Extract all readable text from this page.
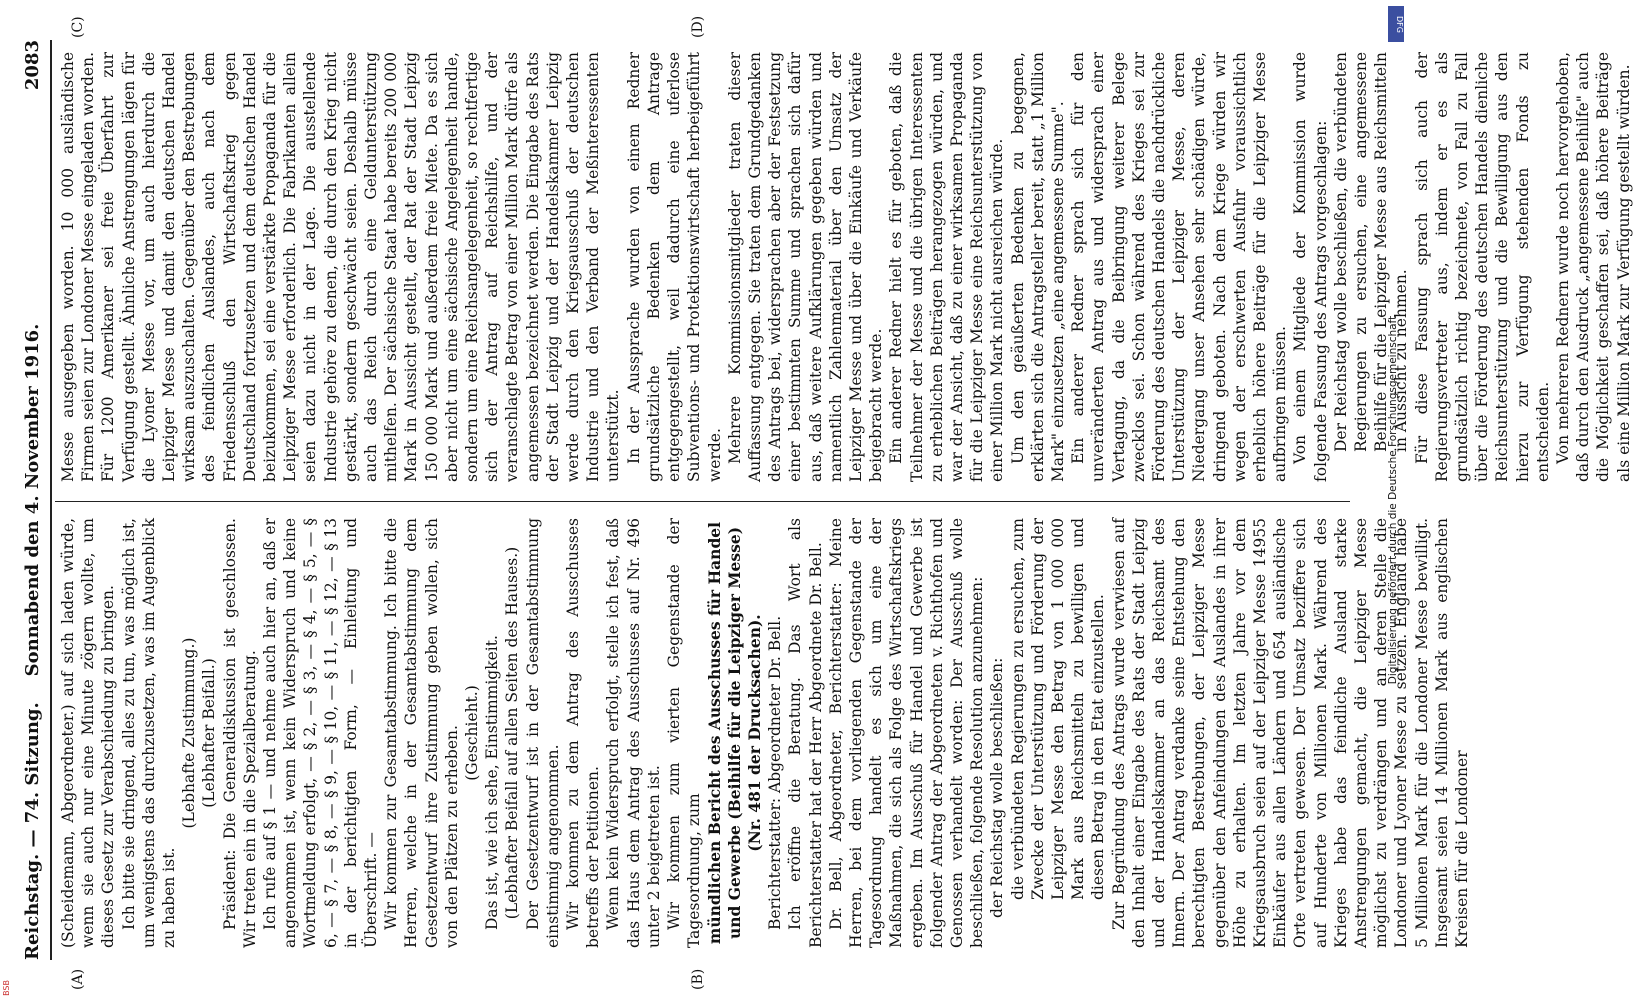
Reichstag. — 74. Sitzung.
Sonnabend den 4. November 1916.
2083
(A)	(B)
(C)	(D)

(Scheidemann, Abgeordneter.) auf sich laden würde, wenn sie auch nur eine Minute zögern wollte, um dieses Gesetz zur Verabschiedung zu bringen. Ich bitte sie dringend, alles zu tun, was möglich ist, um wenigstens das durchzusetzen, was im Augenblick zu haben ist.

(Lebhafte Zustimmung.) (Lebhafter Beifall.) Präsident: Die Generaldiskussion ist geschlossen. Wir treten ein in die Spezialberatung. Ich rufe auf § 1 — und nehme auch hier an, daß er angenommen ist, wenn kein Widerspruch und keine Wortmeldung erfolgt, — § 2, — § 3, — § 4, — § 5, — § 6, — § 7, — § 8, — § 9, — § 10, — § 11, — § 12, — § 13 in der berichtigten Form, — Einleitung und Überschrift. — Wir kommen zur Gesamtabstimmung. Ich bitte die Herren, welche in der Gesamtabstimmung dem Gesetzentwurf ihre Zustimmung geben wollen, sich von den Plätzen zu erheben. (Geschieht.) Das ist, wie ich sehe, Einstimmigkeit. (Lebhafter Beifall auf allen Seiten des Hauses.) Der Gesetzentwurf ist in der Gesamtabstimmung einstimmig angenommen. Wir kommen zu dem Antrag des Ausschusses betreffs der Petitionen. Wenn kein Widerspruch erfolgt, stelle ich fest, daß das Haus dem Antrag des Ausschusses auf Nr. 496 unter 2 beigetreten ist. Wir kommen zum vierten Gegenstande der Tagesordnung, zum mündlichen Bericht des Ausschusses für Handel und Gewerbe (Beihilfe für die Leipziger Messe) (Nr. 481 der Drucksachen). Berichterstatter: Abgeordneter Dr. Bell. Ich eröffne die Beratung. Das Wort als Berichterstatter hat der Herr Abgeordnete Dr. Bell. Dr. Bell, Abgeordneter, Berichterstatter: Meine Herren, bei dem vorliegenden Gegenstande der Tagesordnung handelt es sich um eine der Maßnahmen, die sich als Folge des Wirtschaftskriegs ergeben. Im Ausschuß für Handel und Gewerbe ist folgender Antrag der Abgeordneten v. Richthofen und Genossen verhandelt worden: Der Ausschuß wolle beschließen, folgende Resolution anzunehmen: der Reichstag wolle beschließen: die verbündeten Regierungen zu ersuchen, zum Zwecke der Unterstützung und Förderung der Leipziger Messe den Betrag von 1 000 000 Mark aus Reichsmitteln zu bewilligen und diesen Betrag in den Etat einzustellen. Zur Begründung des Antrags wurde verwiesen auf den Inhalt einer Eingabe des Rats der Stadt Leipzig und der Handelskammer an das Reichsamt des Innern. Der Antrag verdanke seine Entstehung den berechtigten Bestrebungen, der Leipziger Messe gegenüber den Anfeindungen des Auslandes in ihrer Höhe zu erhalten. Im letzten Jahre vor dem Kriegsausbruch seien auf der Leipziger Messe 14955 Einkäufer aus allen Ländern und 654 ausländische Orte vertreten gewesen. Der Umsatz beziffere sich auf Hunderte von Millionen Mark. Während des Krieges habe das feindliche Ausland starke Anstrengungen gemacht, die Leipziger Messe möglichst zu verdrängen und an deren Stelle die Londoner und Lyoner Messe zu setzen. England habe 5 Millionen Mark für die Londoner Messe bewilligt. Insgesamt seien 14 Millionen Mark aus englischen Kreisen für die Londoner

Messe ausgegeben worden. 10 000 ausländische Firmen seien zur Londoner Messe eingeladen worden. Für 1200 Amerikaner sei freie Überfahrt zur Verfügung gestellt. Ähnliche Anstrengungen lägen für die Lyoner Messe vor, um auch hierdurch die Leipziger Messe und damit den deutschen Handel wirksam auszuschalten. Gegenüber den Bestrebungen des feindlichen Auslandes, auch nach dem Friedensschluß den Wirtschaftskrieg gegen Deutschland fortzusetzen und dem deutschen Handel beizukommen, sei eine verstärkte Propaganda für die Leipziger Messe erforderlich. Die Fabrikanten allein seien dazu nicht in der Lage. Die ausstellende Industrie gehöre zu denen, die durch den Krieg nicht gestärkt, sondern geschwächt seien. Deshalb müsse auch das Reich durch eine Geldunterstützung mithelfen. Der sächsische Staat habe bereits 200 000 Mark in Aussicht gestellt, der Rat der Stadt Leipzig 150 000 Mark und außerdem freie Miete. Da es sich aber nicht um eine sächsische Angelegenheit handle, sondern um eine Reichsangelegenheit, so rechtfertige sich der Antrag auf Reichshilfe, und der veranschlagte Betrag von einer Million Mark dürfe als angemessen bezeichnet werden. Die Eingabe des Rats der Stadt Leipzig und der Handelskammer Leipzig werde durch den Kriegsausschuß der deutschen Industrie und den Verband der Meßinteressenten unterstützt. In der Aussprache wurden von einem Redner grundsätzliche Bedenken dem Antrage entgegengestellt, weil dadurch eine uferlose Subventions- und Protektionswirtschaft herbeigeführt werde. Mehrere Kommissionsmitglieder traten dieser Auffassung entgegen. Sie traten dem Grundgedanken des Antrags bei, widersprachen aber der Festsetzung einer bestimmten Summe und sprachen sich dafür aus, daß weitere Aufklärungen gegeben würden und namentlich Zahlenmaterial über den Umsatz der Leipziger Messe und über die Einkäufe und Verkäufe beigebracht werde. Ein anderer Redner hielt es für geboten, daß die Teilnehmer der Messe und die übrigen Interessenten zu erheblichen Beiträgen herangezogen würden, und war der Ansicht, daß zu einer wirksamen Propaganda für die Leipziger Messe eine Reichsunterstützung von einer Million Mark nicht ausreichen würde. Um den geäußerten Bedenken zu begegnen, erklärten sich die Antragsteller bereit, statt „1 Million Mark" einzusetzen „eine angemessene Summe". Ein anderer Redner sprach sich für den unveränderten Antrag aus und widersprach einer Vertagung, da die Beibringung weiterer Belege zwecklos sei. Schon während des Krieges sei zur Förderung des deutschen Handels die nachdrückliche Unterstützung der Leipziger Messe, deren Niedergang unser Ansehen sehr schädigen würde, dringend geboten. Nach dem Kriege würden wir wegen der erschwerten Ausfuhr voraussichtlich erheblich höhere Beiträge für die Leipziger Messe aufbringen müssen. Von einem Mitgliede der Kommission wurde folgende Fassung des Antrags vorgeschlagen: Der Reichstag wolle beschließen, die verbündeten Regierungen zu ersuchen, eine angemessene Beihilfe für die Leipziger Messe aus Reichsmitteln in Aussicht zu nehmen. Für diese Fassung sprach sich auch der Regierungsvertreter aus, indem er es als grundsätzlich richtig bezeichnete, von Fall zu Fall über die Förderung des deutschen Handels dienliche Reichsunterstützung und die Bewilligung aus den hierzu zur Verfügung stehenden Fonds zu entscheiden. Von mehreren Rednern wurde noch hervorgehoben, daß durch den Ausdruck „angemessene Beihilfe" auch die Möglichkeit geschaffen sei, daß höhere Beiträge als eine Million Mark zur Verfügung gestellt würden.

Digitalisierung gefördert durch die Deutsche Forschungsgemeinschaft
DFG
BSB
